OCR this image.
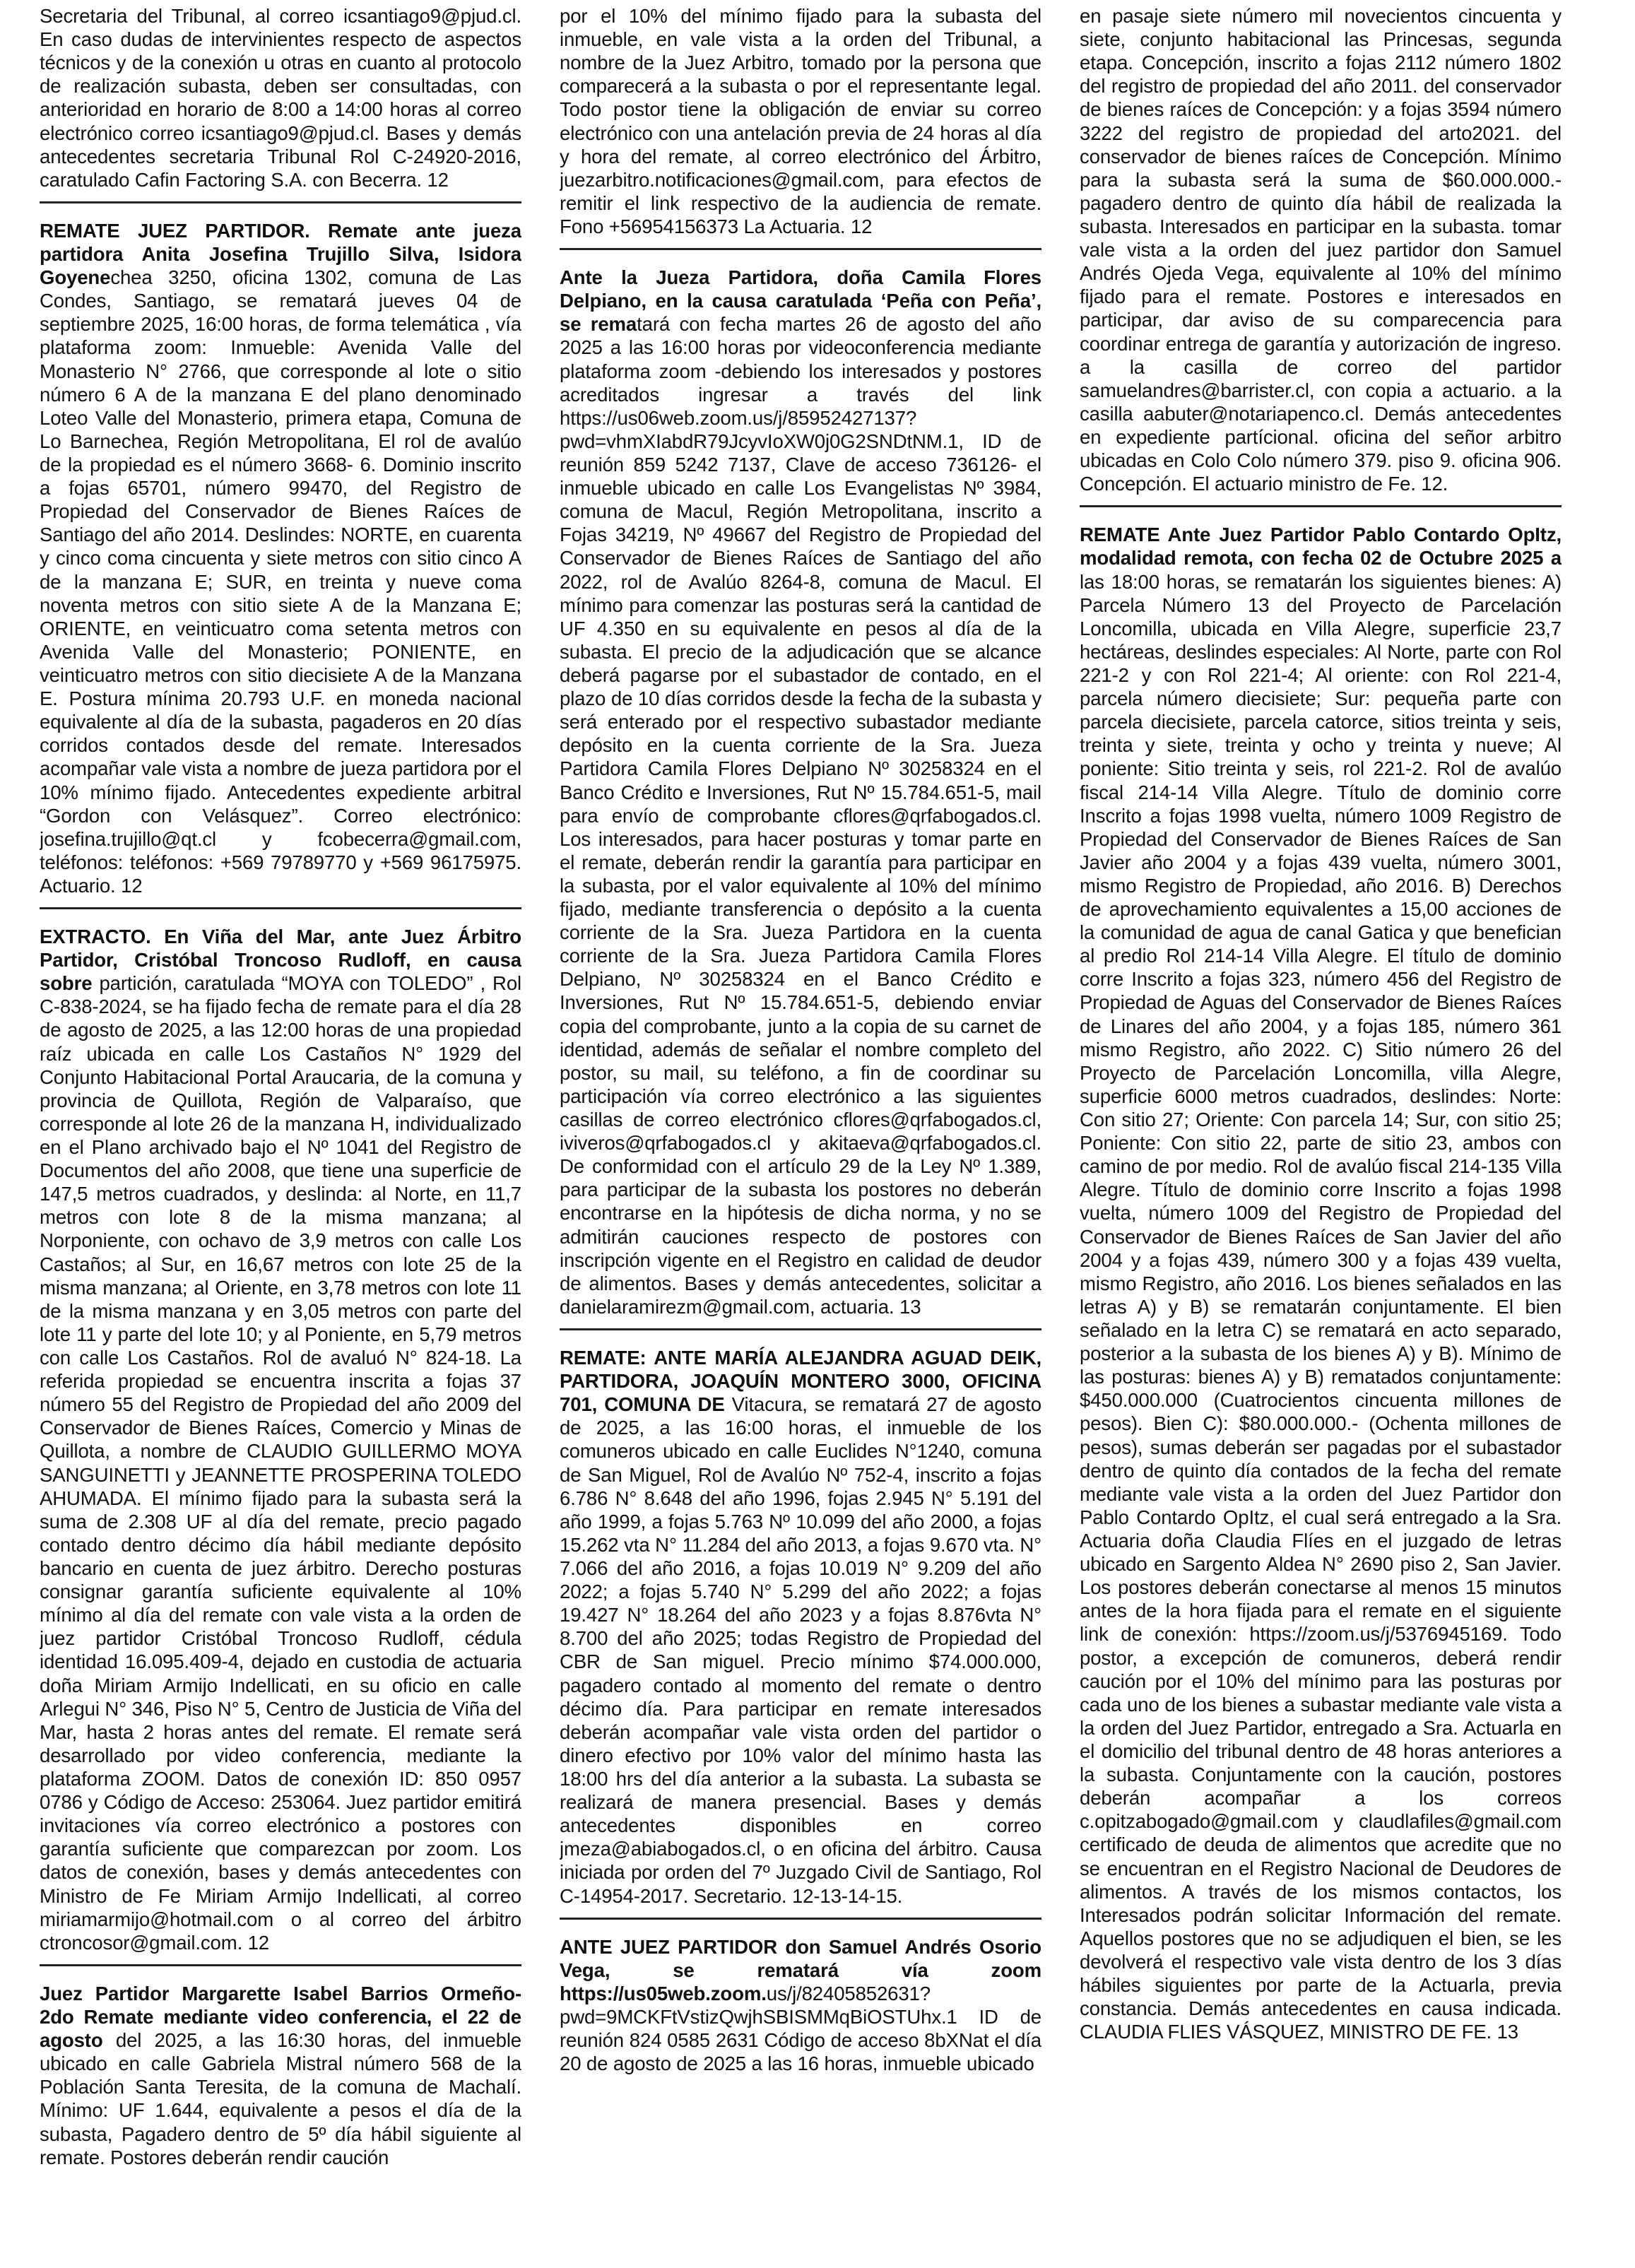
Secretaria del Tribunal, al correo icsantiago9@pjud.cl. En caso dudas de intervinientes respecto de aspectos técnicos y de la conexión u otras en cuanto al protocolo de realización subasta, deben ser consultadas, con anterioridad en horario de 8:00 a 14:00 horas al correo electrónico correo icsantiago9@pjud.cl. Bases y demás antecedentes secretaria Tribunal Rol C-24920-2016, caratulado Cafin Factoring S.A. con Becerra. 12

REMATE JUEZ PARTIDOR. Remate ante jueza partidora Anita Josefina Trujillo Silva, Isidora Goyenechea 3250, oficina 1302, comuna de Las Condes, Santiago, se rematará jueves 04 de septiembre 2025, 16:00 horas, de forma telemática , vía plataforma zoom: Inmueble: Avenida Valle del Monasterio N° 2766, que corresponde al lote o sitio número 6 A de la manzana E del plano denominado Loteo Valle del Monasterio, primera etapa, Comuna de Lo Barnechea, Región Metropolitana, El rol de avalúo de la propiedad es el número 3668- 6. Dominio inscrito a fojas 65701, número 99470, del Registro de Propiedad del Conservador de Bienes Raíces de Santiago del año 2014. Deslindes: NORTE, en cuarenta y cinco coma cincuenta y siete metros con sitio cinco A de la manzana E; SUR, en treinta y nueve coma noventa metros con sitio siete A de la Manzana E; ORIENTE, en veinticuatro coma setenta metros con Avenida Valle del Monasterio; PONIENTE, en veinticuatro metros con sitio diecisiete A de la Manzana E. Postura mínima 20.793 U.F. en moneda nacional equivalente al día de la subasta, pagaderos en 20 días corridos contados desde del remate. Interesados acompañar vale vista a nombre de jueza partidora por el 10% mínimo fijado. Antecedentes expediente arbitral “Gordon con Velásquez”. Correo electrónico: josefina.trujillo@qt.cl y fcobecerra@gmail.com, teléfonos: teléfonos: +569 79789770 y +569 96175975. Actuario. 12

EXTRACTO. En Viña del Mar, ante Juez Árbitro Partidor, Cristóbal Troncoso Rudloff, en causa sobre partición, caratulada “MOYA con TOLEDO” , Rol C-838-2024, se ha fijado fecha de remate para el día 28 de agosto de 2025, a las 12:00 horas de una propiedad raíz ubicada en calle Los Castaños N° 1929 del Conjunto Habitacional Portal Araucaria, de la comuna y provincia de Quillota, Región de Valparaíso, que corresponde al lote 26 de la manzana H, individualizado en el Plano archivado bajo el Nº 1041 del Registro de Documentos del año 2008, que tiene una superficie de 147,5 metros cuadrados, y deslinda: al Norte, en 11,7 metros con lote 8 de la misma manzana; al Norponiente, con ochavo de 3,9 metros con calle Los Castaños; al Sur, en 16,67 metros con lote 25 de la misma manzana; al Oriente, en 3,78 metros con lote 11 de la misma manzana y en 3,05 metros con parte del lote 11 y parte del lote 10; y al Poniente, en 5,79 metros con calle Los Castaños. Rol de avaluó N° 824-18. La referida propiedad se encuentra inscrita a fojas 37 número 55 del Registro de Propiedad del año 2009 del Conservador de Bienes Raíces, Comercio y Minas de Quillota, a nombre de CLAUDIO GUILLERMO MOYA SANGUINETTI y JEANNETTE PROSPERINA TOLEDO AHUMADA. El mínimo fijado para la subasta será la suma de 2.308 UF al día del remate, precio pagado contado dentro décimo día hábil mediante depósito bancario en cuenta de juez árbitro. Derecho posturas consignar garantía suficiente equivalente al 10% mínimo al día del remate con vale vista a la orden de juez partidor Cristóbal Troncoso Rudloff, cédula identidad 16.095.409-4, dejado en custodia de actuaria doña Miriam Armijo Indellicati, en su oficio en calle Arlegui N° 346, Piso N° 5, Centro de Justicia de Viña del Mar, hasta 2 horas antes del remate. El remate será desarrollado por video conferencia, mediante la plataforma ZOOM. Datos de conexión ID: 850 0957 0786 y Código de Acceso: 253064. Juez partidor emitirá invitaciones vía correo electrónico a postores con garantía suficiente que comparezcan por zoom. Los datos de conexión, bases y demás antecedentes con Ministro de Fe Miriam Armijo Indellicati, al correo miriamarmijo@hotmail.com o al correo del árbitro ctroncosor@gmail.com. 12

Juez Partidor Margarette Isabel Barrios Ormeño- 2do Remate mediante video conferencia, el 22 de agosto del 2025, a las 16:30 horas, del inmueble ubicado en calle Gabriela Mistral número 568 de la Población Santa Teresita, de la comuna de Machalí. Mínimo: UF 1.644, equivalente a pesos el día de la subasta, Pagadero dentro de 5º día hábil siguiente al remate. Postores deberán rendir caución

por el 10% del mínimo fijado para la subasta del inmueble, en vale vista a la orden del Tribunal, a nombre de la Juez Arbitro, tomado por la persona que comparecerá a la subasta o por el representante legal. Todo postor tiene la obligación de enviar su correo electrónico con una antelación previa de 24 horas al día y hora del remate, al correo electrónico del Árbitro, juezarbitro.notificaciones@gmail.com, para efectos de remitir el link respectivo de la audiencia de remate. Fono +56954156373 La Actuaria. 12

Ante la Jueza Partidora, doña Camila Flores Delpiano, en la causa caratulada ‘Peña con Peña’, se rematará con fecha martes 26 de agosto del año 2025 a las 16:00 horas por videoconferencia mediante plataforma zoom -debiendo los interesados y postores acreditados ingresar a través del link https://us06web.zoom.us/j/85952427137?pwd=vhmXIabdR79JcyvIoXW0j0G2SNDtNM.1, ID de reunión 859 5242 7137, Clave de acceso 736126- el inmueble ubicado en calle Los Evangelistas Nº 3984, comuna de Macul, Región Metropolitana, inscrito a Fojas 34219, Nº 49667 del Registro de Propiedad del Conservador de Bienes Raíces de Santiago del año 2022, rol de Avalúo 8264-8, comuna de Macul. El mínimo para comenzar las posturas será la cantidad de UF 4.350 en su equivalente en pesos al día de la subasta. El precio de la adjudicación que se alcance deberá pagarse por el subastador de contado, en el plazo de 10 días corridos desde la fecha de la subasta y será enterado por el respectivo subastador mediante depósito en la cuenta corriente de la Sra. Jueza Partidora Camila Flores Delpiano Nº 30258324 en el Banco Crédito e Inversiones, Rut Nº 15.784.651-5, mail para envío de comprobante cflores@qrfabogados.cl. Los interesados, para hacer posturas y tomar parte en el remate, deberán rendir la garantía para participar en la subasta, por el valor equivalente al 10% del mínimo fijado, mediante transferencia o depósito a la cuenta corriente de la Sra. Jueza Partidora en la cuenta corriente de la Sra. Jueza Partidora Camila Flores Delpiano, Nº 30258324 en el Banco Crédito e Inversiones, Rut Nº 15.784.651-5, debiendo enviar copia del comprobante, junto a la copia de su carnet de identidad, además de señalar el nombre completo del postor, su mail, su teléfono, a fin de coordinar su participación vía correo electrónico a las siguientes casillas de correo electrónico cflores@qrfabogados.cl, iviveros@qrfabogados.cl y akitaeva@qrfabogados.cl. De conformidad con el artículo 29 de la Ley Nº 1.389, para participar de la subasta los postores no deberán encontrarse en la hipótesis de dicha norma, y no se admitirán cauciones respecto de postores con inscripción vigente en el Registro en calidad de deudor de alimentos. Bases y demás antecedentes, solicitar a danielaramirezm@gmail.com, actuaria. 13

REMATE: ANTE MARÍA ALEJANDRA AGUAD DEIK, PARTIDORA, JOAQUÍN MONTERO 3000, OFICINA 701, COMUNA DE Vitacura, se rematará 27 de agosto de 2025, a las 16:00 horas, el inmueble de los comuneros ubicado en calle Euclides N°1240, comuna de San Miguel, Rol de Avalúo Nº 752-4, inscrito a fojas 6.786 N° 8.648 del año 1996, fojas 2.945 N° 5.191 del año 1999, a fojas 5.763 Nº 10.099 del año 2000, a fojas 15.262 vta N° 11.284 del año 2013, a fojas 9.670 vta. N° 7.066 del año 2016, a fojas 10.019 N° 9.209 del año 2022; a fojas 5.740 N° 5.299 del año 2022; a fojas 19.427 N° 18.264 del año 2023 y a fojas 8.876vta N° 8.700 del año 2025; todas Registro de Propiedad del CBR de San miguel. Precio mínimo $74.000.000, pagadero contado al momento del remate o dentro décimo día. Para participar en remate interesados deberán acompañar vale vista orden del partidor o dinero efectivo por 10% valor del mínimo hasta las 18:00 hrs del día anterior a la subasta. La subasta se realizará de manera presencial. Bases y demás antecedentes disponibles en correo jmeza@abiabogados.cl, o en oficina del árbitro. Causa iniciada por orden del 7º Juzgado Civil de Santiago, Rol C-14954-2017. Secretario. 12-13-14-15.

ANTE JUEZ PARTIDOR don Samuel Andrés Osorio Vega, se rematará vía zoom https://us05web.zoom.us/j/82405852631?pwd=9MCKFtVstizQwjhSBISMMqBiOSTUhx.1 ID de reunión 824 0585 2631 Código de acceso 8bXNat el día 20 de agosto de 2025 a las 16 horas, inmueble ubicado

en pasaje siete número mil novecientos cincuenta y siete, conjunto habitacional las Princesas, segunda etapa. Concepción, inscrito a fojas 2112 número 1802 del registro de propiedad del año 2011. del conservador de bienes raíces de Concepción: y a fojas 3594 número 3222 del registro de propiedad del arto2021. del conservador de bienes raíces de Concepción. Mínimo para la subasta será la suma de $60.000.000.- pagadero dentro de quinto día hábil de realizada la subasta. Interesados en participar en la subasta. tomar vale vista a la orden del juez partidor don Samuel Andrés Ojeda Vega, equivalente al 10% del mínimo fijado para el remate. Postores e interesados en participar, dar aviso de su comparecencia para coordinar entrega de garantía y autorización de ingreso. a la casilla de correo del partidor samuelandres@barrister.cl, con copia a actuario. a la casilla aabuter@notariapenco.cl. Demás antecedentes en expediente partícional. oficina del señor arbitro ubicadas en Colo Colo número 379. piso 9. oficina 906. Concepción. El actuario ministro de Fe. 12.

REMATE Ante Juez Partidor Pablo Contardo OpItz, modalidad remota, con fecha 02 de Octubre 2025 a las 18:00 horas, se rematarán los siguientes bienes: A) Parcela Número 13 del Proyecto de Parcelación Loncomilla, ubicada en Villa Alegre, superficie 23,7 hectáreas, deslindes especiales: Al Norte, parte con Rol 221-2 y con Rol 221-4; Al oriente: con Rol 221-4, parcela número diecisiete; Sur: pequeña parte con parcela diecisiete, parcela catorce, sitios treinta y seis, treinta y siete, treinta y ocho y treinta y nueve; Al poniente: Sitio treinta y seis, rol 221-2. Rol de avalúo fiscal 214-14 Villa Alegre. Título de dominio corre Inscrito a fojas 1998 vuelta, número 1009 Registro de Propiedad del Conservador de Bienes Raíces de San Javier año 2004 y a fojas 439 vuelta, número 3001, mismo Registro de Propiedad, año 2016. B) Derechos de aprovechamiento equivalentes a 15,00 acciones de la comunidad de agua de canal Gatica y que benefician al predio Rol 214-14 Villa Alegre. El título de dominio corre Inscrito a fojas 323, número 456 del Registro de Propiedad de Aguas del Conservador de Bienes Raíces de Linares del año 2004, y a fojas 185, número 361 mismo Registro, año 2022. C) Sitio número 26 del Proyecto de Parcelación Loncomilla, villa Alegre, superficie 6000 metros cuadrados, deslindes: Norte: Con sitio 27; Oriente: Con parcela 14; Sur, con sitio 25; Poniente: Con sitio 22, parte de sitio 23, ambos con camino de por medio. Rol de avalúo fiscal 214-135 Villa Alegre. Título de dominio corre Inscrito a fojas 1998 vuelta, número 1009 del Registro de Propiedad del Conservador de Bienes Raíces de San Javier del año 2004 y a fojas 439, número 300 y a fojas 439 vuelta, mismo Registro, año 2016. Los bienes señalados en las letras A) y B) se rematarán conjuntamente. El bien señalado en la letra C) se rematará en acto separado, posterior a la subasta de los bienes A) y B). Mínimo de las posturas: bienes A) y B) rematados conjuntamente: $450.000.000 (Cuatrocientos cincuenta millones de pesos). Bien C): $80.000.000.- (Ochenta millones de pesos), sumas deberán ser pagadas por el subastador dentro de quinto día contados de la fecha del remate mediante vale vista a la orden del Juez Partidor don Pablo Contardo OpItz, el cual será entregado a la Sra. Actuaria doña Claudia Flíes en el juzgado de letras ubicado en Sargento Aldea N° 2690 piso 2, San Javier. Los postores deberán conectarse al menos 15 minutos antes de la hora fijada para el remate en el siguiente link de conexión: https://zoom.us/j/5376945169. Todo postor, a excepción de comuneros, deberá rendir caución por el 10% del mínimo para las posturas por cada uno de los bienes a subastar mediante vale vista a la orden del Juez Partidor, entregado a Sra. Actuarla en el domicilio del tribunal dentro de 48 horas anteriores a la subasta. Conjuntamente con la caución, postores deberán acompañar a los correos c.opitzabogado@gmail.com y claudlafiles@gmail.com certificado de deuda de alimentos que acredite que no se encuentran en el Registro Nacional de Deudores de alimentos. A través de los mismos contactos, los Interesados podrán solicitar Información del remate. Aquellos postores que no se adjudiquen el bien, se les devolverá el respectivo vale vista dentro de los 3 días hábiles siguientes por parte de la Actuarla, previa constancia. Demás antecedentes en causa indicada. CLAUDIA FLIES VÁSQUEZ, MINISTRO DE FE. 13
